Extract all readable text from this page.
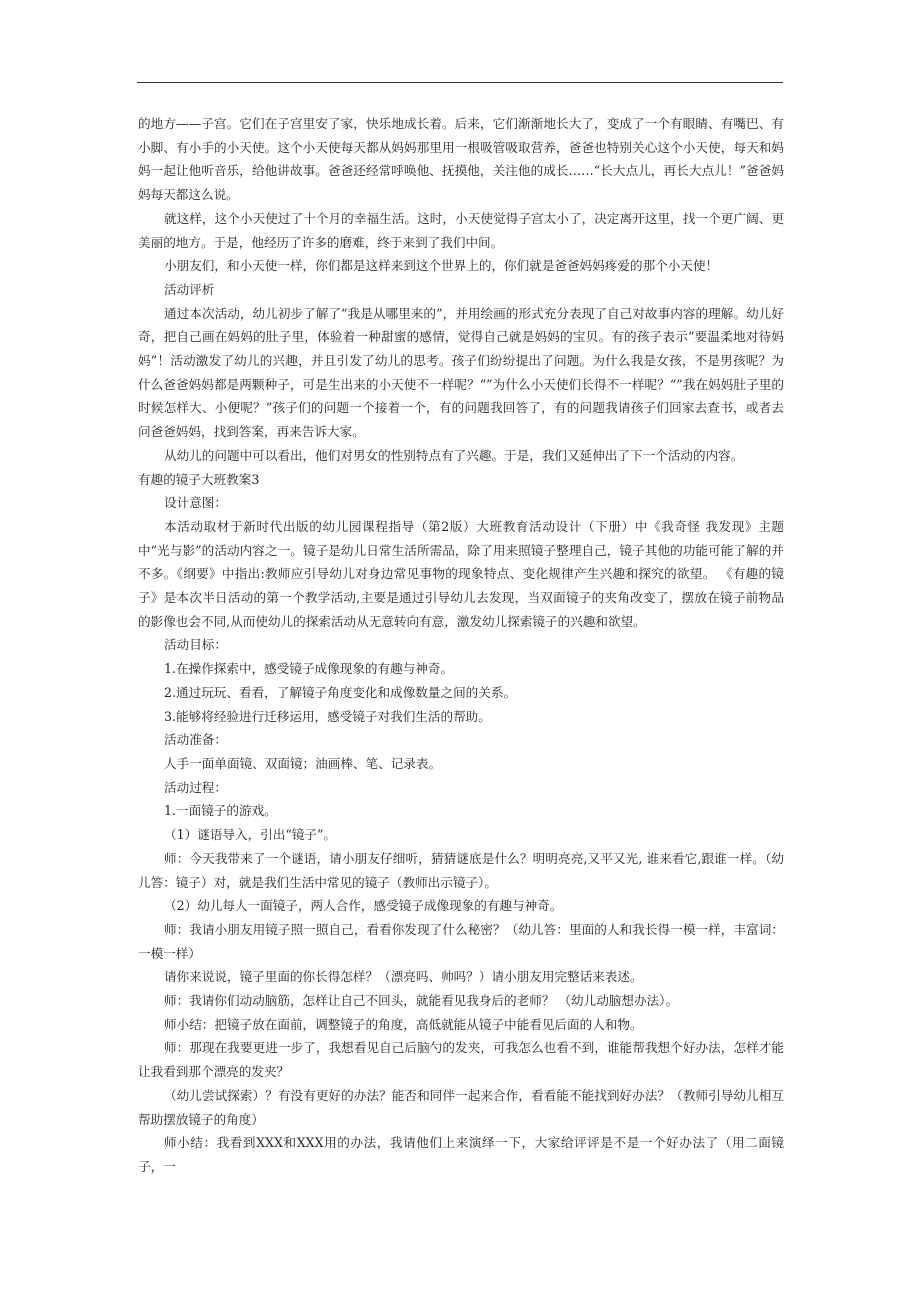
的地方——子宫。它们在子宫里安了家，快乐地成长着。后来，它们渐渐地长大了，变成了一个有眼睛、有嘴巴、有小脚、有小手的小天使。这个小天使每天都从妈妈那里用一根吸管吸取营养，爸爸也特别关心这个小天使，每天和妈妈一起让他听音乐，给他讲故事。爸爸还经常呼唤他、抚摸他，关注他的成长……“长大点儿，再长大点儿！”爸爸妈妈每天都这么说。

就这样，这个小天使过了十个月的幸福生活。这时，小天使觉得子宫太小了，决定离开这里，找一个更广阔、更美丽的地方。于是，他经历了许多的磨难，终于来到了我们中间。

小朋友们，和小天使一样，你们都是这样来到这个世界上的，你们就是爸爸妈妈疼爱的那个小天使！

活动评析

通过本次活动，幼儿初步了解了“我是从哪里来的”，并用绘画的形式充分表现了自己对故事内容的理解。幼儿好奇，把自己画在妈妈的肚子里，体验着一种甜蜜的感情，觉得自己就是妈妈的宝贝。有的孩子表示“要温柔地对待妈妈”！活动激发了幼儿的兴趣，并且引发了幼儿的思考。孩子们纷纷提出了问题。为什么我是女孩，不是男孩呢？为什么爸爸妈妈都是两颗种子，可是生出来的小天使不一样呢？“”为什么小天使们长得不一样呢？“”我在妈妈肚子里的时候怎样大、小便呢？”孩子们的问题一个接着一个，有的问题我回答了，有的问题我请孩子们回家去查书，或者去问爸爸妈妈，找到答案，再来告诉大家。

从幼儿的问题中可以看出，他们对男女的性别特点有了兴趣。于是，我们又延伸出了下一个活动的内容。

有趣的镜子大班教案3

设计意图：

本活动取材于新时代出版的幼儿园课程指导（第2版）大班教育活动设计（下册）中《我奇怪 我发现》主题中“光与影”的活动内容之一。镜子是幼儿日常生活所需品，除了用来照镜子整理自己，镜子其他的功能可能了解的并不多。《纲要》中指出:教师应引导幼儿对身边常见事物的现象特点、变化规律产生兴趣和探究的欲望。 《有趣的镜子》是本次半日活动的第一个教学活动,主要是通过引导幼儿去发现，当双面镜子的夹角改变了，摆放在镜子前物品的影像也会不同,从而使幼儿的探索活动从无意转向有意，激发幼儿探索镜子的兴趣和欲望。

活动目标：

1.在操作探索中，感受镜子成像现象的有趣与神奇。

2.通过玩玩、看看，了解镜子角度变化和成像数量之间的关系。

3.能够将经验进行迁移运用，感受镜子对我们生活的帮助。

活动准备：

人手一面单面镜、双面镜；油画棒、笔、记录表。

活动过程：

1.一面镜子的游戏。

（1）谜语导入，引出“镜子”。

师：今天我带来了一个谜语，请小朋友仔细听，猜猜谜底是什么？明明亮亮,又平又光, 谁来看它,跟谁一样。（幼儿答：镜子）对，就是我们生活中常见的镜子（教师出示镜子）。

（2）幼儿每人一面镜子，两人合作，感受镜子成像现象的有趣与神奇。

师：我请小朋友用镜子照一照自己，看看你发现了什么秘密？（幼儿答：里面的人和我长得一模一样，丰富词：一模一样）

请你来说说，镜子里面的你长得怎样？（漂亮吗、帅吗？）请小朋友用完整话来表述。

师：我请你们动动脑筋，怎样让自己不回头，就能看见我身后的老师？ （幼儿动脑想办法）。

师小结：把镜子放在面前，调整镜子的角度，高低就能从镜子中能看见后面的人和物。

师：那现在我要更进一步了，我想看见自己后脑勺的发夹，可我怎么也看不到，谁能帮我想个好办法，怎样才能让我看到那个漂亮的发夹？

（幼儿尝试探索）？有没有更好的办法？能否和同伴一起来合作，看看能不能找到好办法？（教师引导幼儿相互帮助摆放镜子的角度）

师小结：我看到XXX和XXX用的办法，我请他们上来演绎一下，大家给评评是不是一个好办法了（用二面镜子，一
